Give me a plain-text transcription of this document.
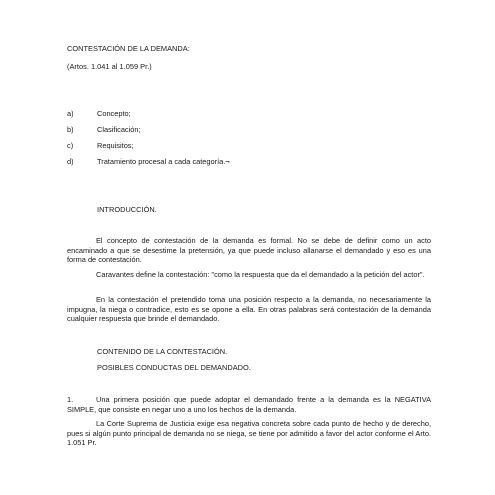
CONTESTACIÓN DE LA DEMANDA:
(Artos. 1.041 al 1.059 Pr.)
a)	Concepto;
b)	Clasificación;
c)	Requisitos;
d)	Tratamiento procesal a cada categoría.¬
INTRODUCCIÓN.
El concepto de contestación de la demanda es formal. No se debe de definir como un acto encaminado a que se desestime la pretensión, ya que puede incluso allanarse el demandado y eso es una forma de contestación.
Caravantes define la contestación: "como la respuesta que da el demandado a la petición del actor".
En la contestación el pretendido toma una posición respecto a la demanda, no necesariamente la impugna, la niega o contradice, esto es se opone a ella. En otras palabras será contestación de la demanda cualquier respuesta que brinde el demandado.
CONTENIDO DE LA CONTESTACIÓN.
POSIBLES CONDUCTAS DEL DEMANDADO.
1.	Una primera posición que puede adoptar el demandado frente a la demanda es la NEGATIVA SIMPLE, que consiste en negar uno a uno los hechos de la demanda.
La Corte Suprema de Justicia exige esa negativa concreta sobre cada punto de hecho y de derecho, pues si algún punto principal de demanda no se niega, se tiene por admitido a favor del actor conforme el Arto. 1.051 Pr.
